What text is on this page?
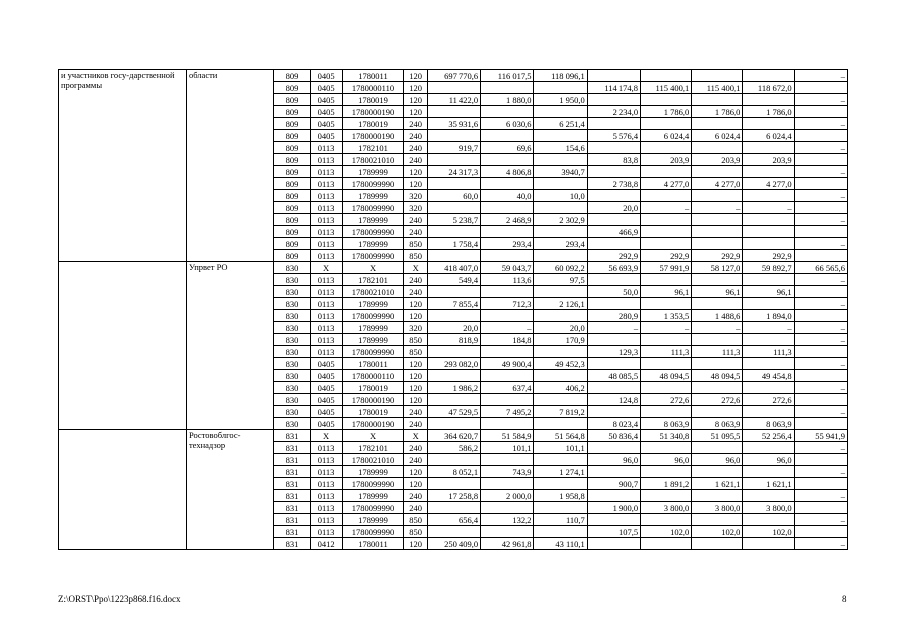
и участников госу-дарственной программы	области	809	0405	1780011	120	697 770,6	116 017,5	118 096,1					–
		809	0405	1780000110	120				114 174,8	115 400,1	115 400,1	118 672,0	
		809	0405	1780019	120	11 422,0	1 880,0	1 950,0					–
		809	0405	1780000190	120				2 234,0	1 786,0	1 786,0	1 786,0	
		809	0405	1780019	240	35 931,6	6 030,6	6 251,4					–
		809	0405	1780000190	240				5 576,4	6 024,4	6 024,4	6 024,4	
		809	0113	1782101	240	919,7	69,6	154,6					–
		809	0113	1780021010	240				83,8	203,9	203,9	203,9	
		809	0113	1789999	120	24 317,3	4 806,8	3940,7					–
		809	0113	1780099990	120				2 738,8	4 277,0	4 277,0	4 277,0	
		809	0113	1789999	320	60,0	40,0	10,0					–
		809	0113	1780099990	320				20,0	–	–	–	
		809	0113	1789999	240	5 238,7	2 468,9	2 302,9					–
		809	0113	1780099990	240				466,9				
		809	0113	1789999	850	1 758,4	293,4	293,4					–
		809	0113	1780099990	850				292,9	292,9	292,9	292,9	
	Упрвет РО	830	Х	Х	Х	418 407,0	59 043,7	60 092,2	56 693,9	57 991,9	58 127,0	59 892,7	66 565,6
		830	0113	1782101	240	549,4	113,6	97,5					–
		830	0113	1780021010	240				50,0	96,1	96,1	96,1	
		830	0113	1789999	120	7 855,4	712,3	2 126,1					–
		830	0113	1780099990	120				280,9	1 353,5	1 488,6	1 894,0	
		830	0113	1789999	320	20,0	–	20,0	–	–	–	–	–
		830	0113	1789999	850	818,9	184,8	170,9					–
		830	0113	1780099990	850				129,3	111,3	111,3	111,3	
		830	0405	1780011	120	293 082,0	49 900,4	49 452,3					–
		830	0405	1780000110	120				48 085,5	48 094,5	48 094,5	49 454,8	
		830	0405	1780019	120	1 986,2	637,4	406,2					–
		830	0405	1780000190	120				124,8	272,6	272,6	272,6	
		830	0405	1780019	240	47 529,5	7 495,2	7 819,2					–
		830	0405	1780000190	240				8 023,4	8 063,9	8 063,9	8 063,9	
	Ростовоблгос-технадзор	831	Х	Х	Х	364 620,7	51 584,9	51 564,8	50 836,4	51 340,8	51 095,5	52 256,4	55 941,9
		831	0113	1782101	240	586,2	101,1	101,1					–
		831	0113	1780021010	240				96,0	96,0	96,0	96,0	
		831	0113	1789999	120	8 052,1	743,9	1 274,1					–
		831	0113	1780099990	120				900,7	1 891,2	1 621,1	1 621,1	
		831	0113	1789999	240	17 258,8	2 000,0	1 958,8					–
		831	0113	1780099990	240				1 900,0	3 800,0	3 800,0	3 800,0	
		831	0113	1789999	850	656,4	132,2	110,7					–
		831	0113	1780099990	850				107,5	102,0	102,0	102,0	
		831	0412	1780011	120	250 409,0	42 961,8	43 110,1					–
Z:\ORST\Ppo\1223p868.f16.docx	8
